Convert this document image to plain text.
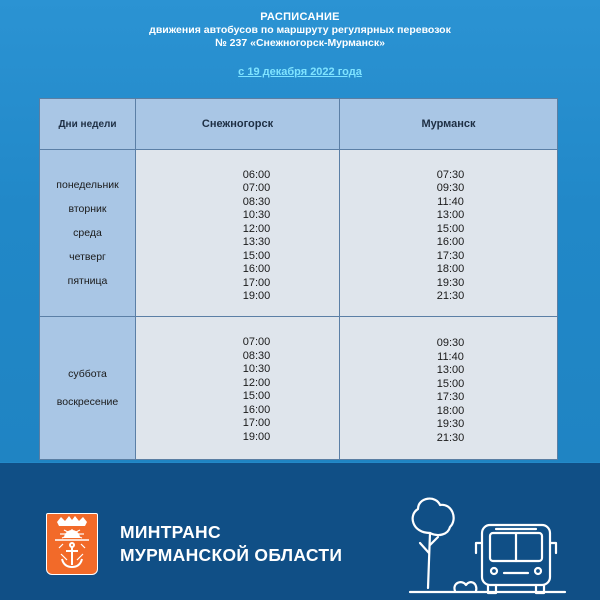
РАСПИСАНИЕ
движения автобусов по маршруту регулярных перевозок
№ 237 «Снежногорск-Мурманск»
с 19 декабря 2022 года
Дни недели	Снежногорск	Мурманск
понедельник
вторник
среда
четверг
пятница
06:00
07:00
08:30
10:30
12:00
13:30
15:00
16:00
17:00
19:00
07:30
09:30
11:40
13:00
15:00
16:00
17:30
18:00
19:30
21:30
суббота
воскресение
07:00
08:30
10:30
12:00
15:00
16:00
17:00
19:00
09:30
11:40
13:00
15:00
17:30
18:00
19:30
21:30
МИНТРАНС
МУРМАНСКОЙ ОБЛАСТИ
